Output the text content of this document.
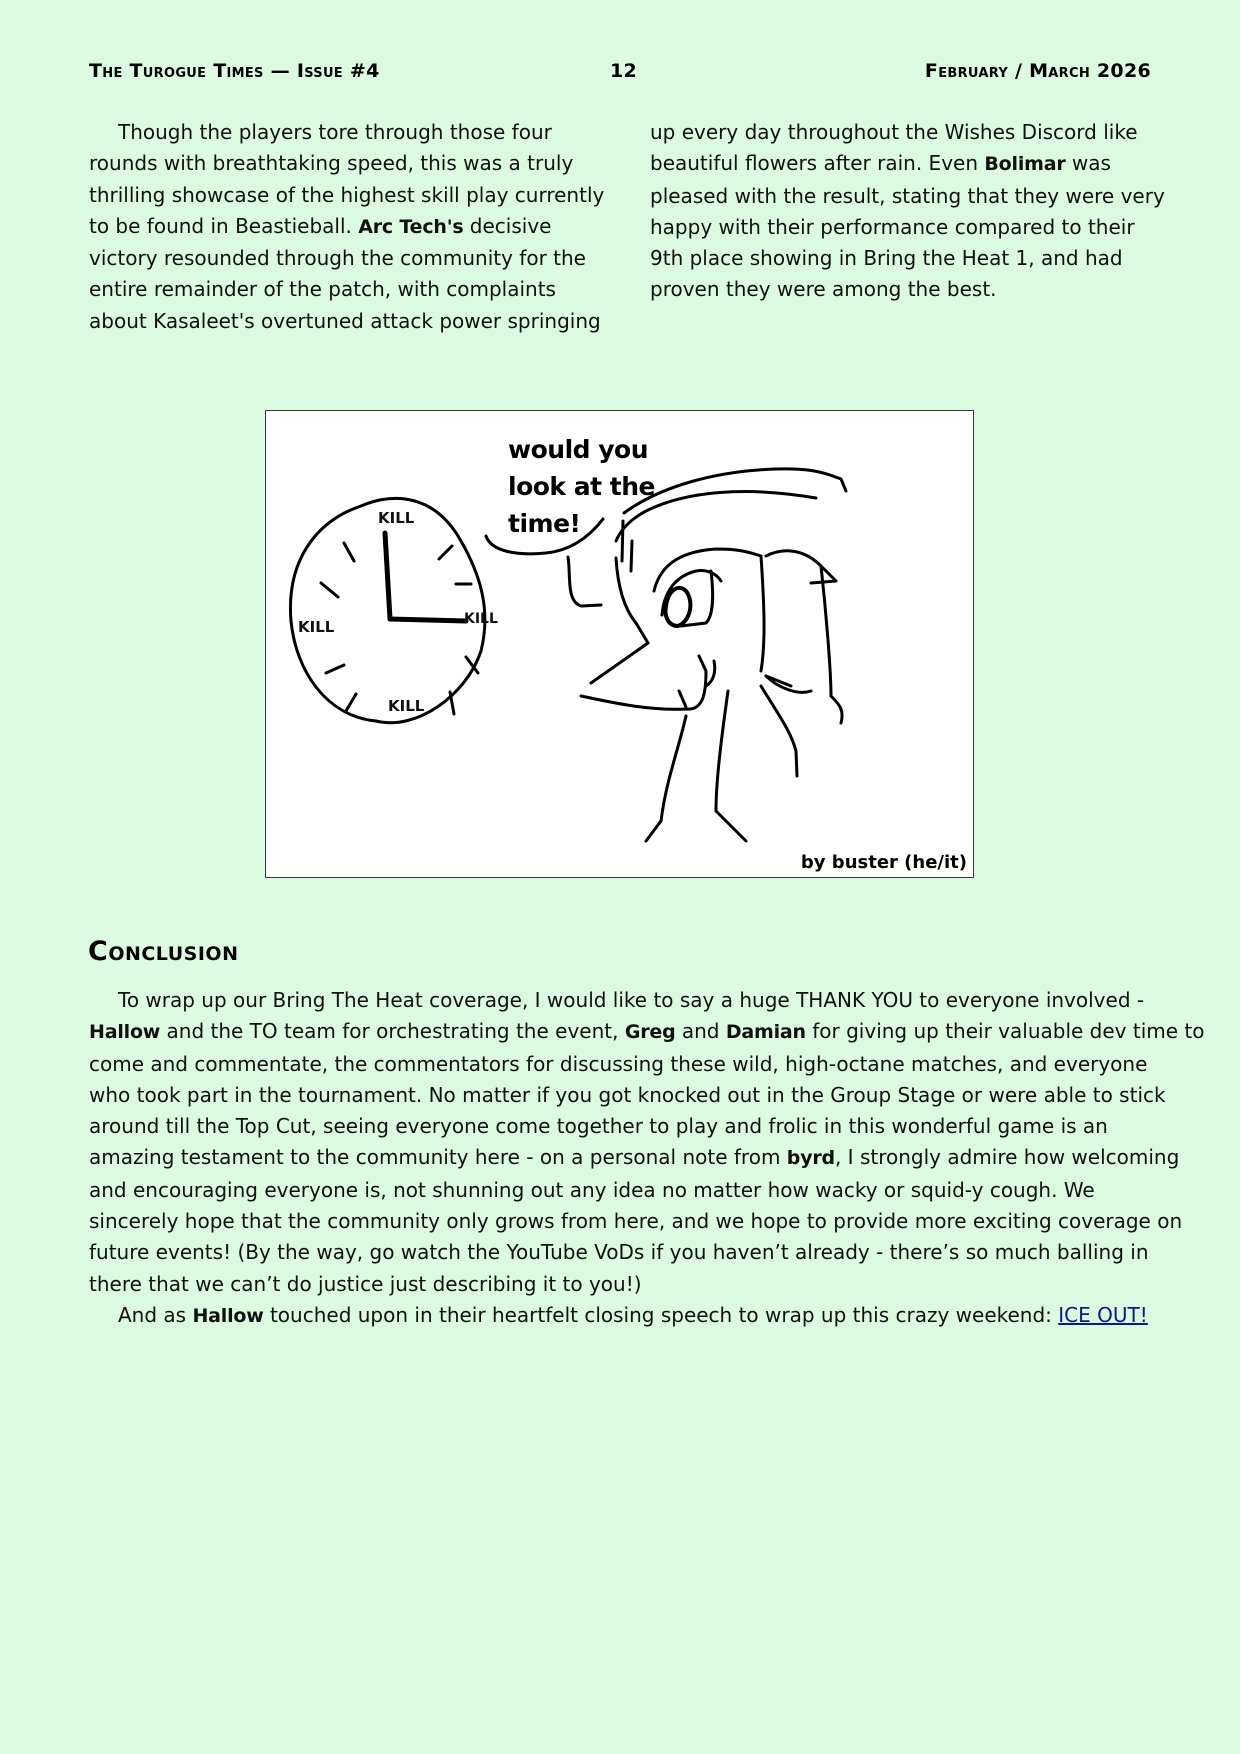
The Turogue Times — Issue #4	12	February / March 2026
Though the players tore through those four
rounds with breathtaking speed, this was a truly
thrilling showcase of the highest skill play currently
to be found in Beastieball. Arc Tech's decisive
victory resounded through the community for the
entire remainder of the patch, with complaints
about Kasaleet's overtuned attack power springing
up every day throughout the Wishes Discord like
beautiful flowers after rain. Even Bolimar was
pleased with the result, stating that they were very
happy with their performance compared to their
9th place showing in Bring the Heat 1, and had
proven they were among the best.
would you
look at the
time!
KILL
KILL
KILL
KILL
by buster (he/it)
Conclusion
To wrap up our Bring The Heat coverage, I would like to say a huge THANK YOU to everyone involved -
Hallow and the TO team for orchestrating the event, Greg and Damian for giving up their valuable dev time to
come and commentate, the commentators for discussing these wild, high-octane matches, and everyone
who took part in the tournament. No matter if you got knocked out in the Group Stage or were able to stick
around till the Top Cut, seeing everyone come together to play and frolic in this wonderful game is an
amazing testament to the community here - on a personal note from byrd, I strongly admire how welcoming
and encouraging everyone is, not shunning out any idea no matter how wacky or squid-y cough. We
sincerely hope that the community only grows from here, and we hope to provide more exciting coverage on
future events! (By the way, go watch the YouTube VoDs if you haven’t already - there’s so much balling in
there that we can’t do justice just describing it to you!)
And as Hallow touched upon in their heartfelt closing speech to wrap up this crazy weekend: ICE OUT!
